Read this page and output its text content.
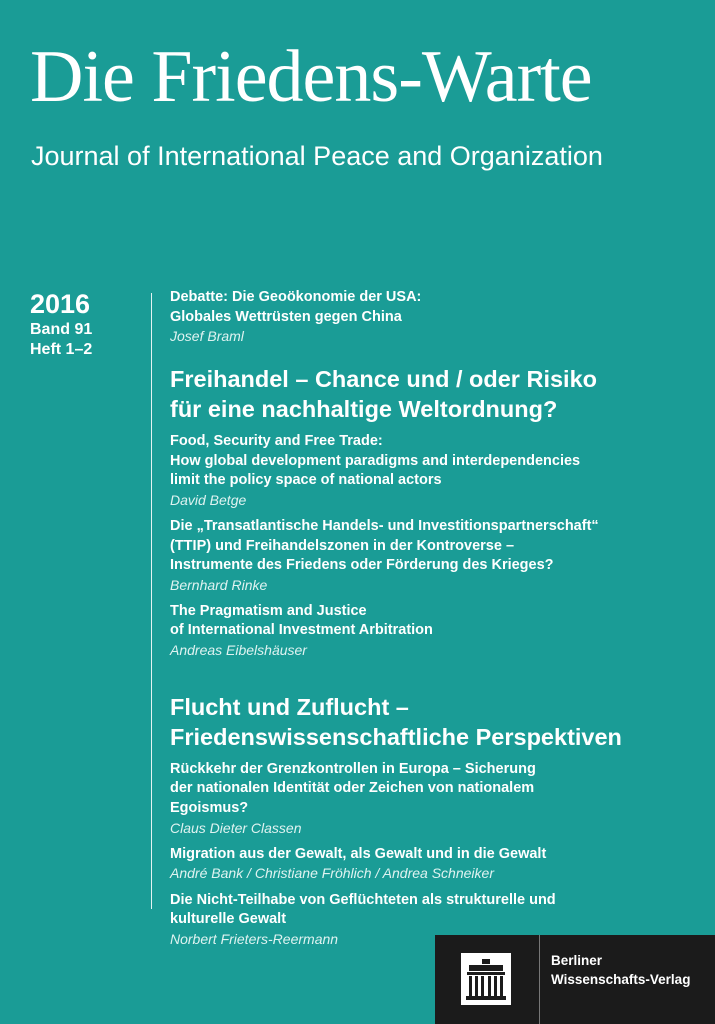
Die Friedens-Warte
Journal of International Peace and Organization
2016
Band 91
Heft 1–2
Debatte: Die Geoökonomie der USA:
Globales Wettrüsten gegen China
Josef Braml
Freihandel – Chance und / oder Risiko
für eine nachhaltige Weltordnung?
Food, Security and Free Trade:
How global development paradigms and interdependencies
limit the policy space of national actors
David Betge
Die „Transatlantische Handels- und Investitionspartnerschaft“
(TTIP) und Freihandelszonen in der Kontroverse –
Instrumente des Friedens oder Förderung des Krieges?
Bernhard Rinke
The Pragmatism and Justice
of International Investment Arbitration
Andreas Eibelshäuser
Flucht und Zuflucht –
Friedenswissenschaftliche Perspektiven
Rückkehr der Grenzkontrollen in Europa – Sicherung
der nationalen Identität oder Zeichen von nationalem
Egoismus?
Claus Dieter Classen
Migration aus der Gewalt, als Gewalt und in die Gewalt
André Bank / Christiane Fröhlich / Andrea Schneiker
Die Nicht-Teilhabe von Geflüchteten als strukturelle und
kulturelle Gewalt
Norbert Frieters-Reermann
Berliner
Wissenschafts-Verlag
